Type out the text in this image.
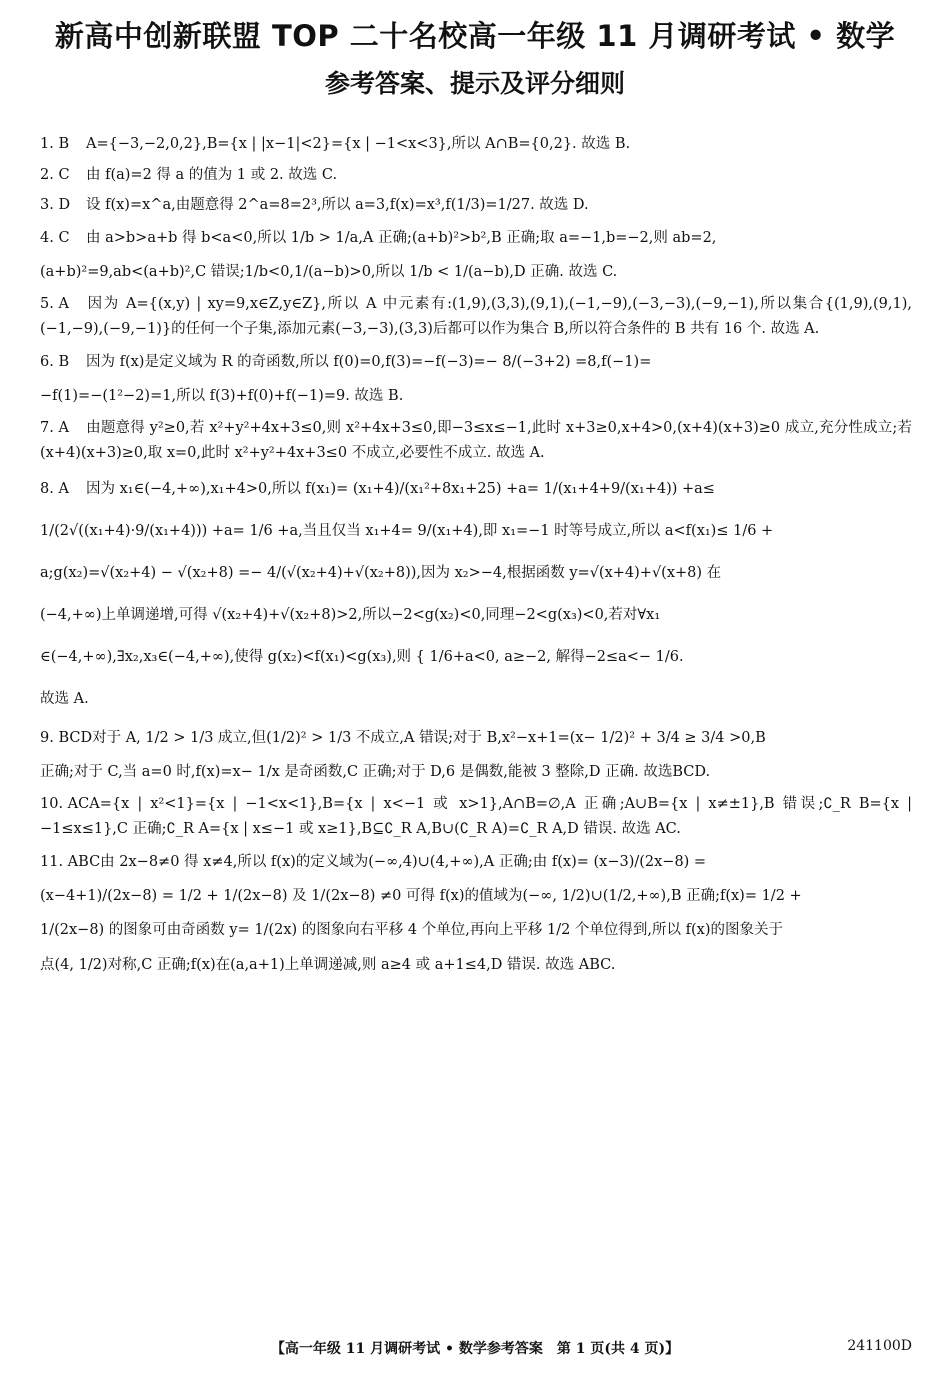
新高中创新联盟 TOP 二十名校高一年级 11 月调研考试 • 数学
参考答案、提示及评分细则

1. B A={−3,−2,0,2},B={x | |x−1|<2}={x | −1<x<3},所以 A∩B={0,2}. 故选 B.

2. C 由 f(a)=2 得 a 的值为 1 或 2. 故选 C.

3. D 设 f(x)=x^a,由题意得 2^a=8=2³,所以 a=3,f(x)=x³,f(1/3)=1/27. 故选 D.

4. C 由 a>b>a+b 得 b<a<0,所以 1/b > 1/a,A 正确;(a+b)²>b²,B 正确;取 a=−1,b=−2,则 ab=2,

(a+b)²=9,ab<(a+b)²,C 错误;1/b<0,1/(a−b)>0,所以 1/b < 1/(a−b),D 正确. 故选 C.

5. A 因为 A={(x,y) | xy=9,x∈Z,y∈Z},所以 A 中元素有:(1,9),(3,3),(9,1),(−1,−9),(−3,−3),(−9,−1),所以集合{(1,9),(9,1),(−1,−9),(−9,−1)}的任何一个子集,添加元素(−3,−3),(3,3)后都可以作为集合 B,所以符合条件的 B 共有 16 个. 故选 A.

6. B 因为 f(x)是定义域为 R 的奇函数,所以 f(0)=0,f(3)=−f(−3)=− 8/(−3+2) =8,f(−1)=

−f(1)=−(1²−2)=1,所以 f(3)+f(0)+f(−1)=9. 故选 B.

7. A 由题意得 y²≥0,若 x²+y²+4x+3≤0,则 x²+4x+3≤0,即−3≤x≤−1,此时 x+3≥0,x+4>0,(x+4)(x+3)≥0 成立,充分性成立;若(x+4)(x+3)≥0,取 x=0,此时 x²+y²+4x+3≤0 不成立,必要性不成立. 故选 A.

8. A 因为 x₁∈(−4,+∞),x₁+4>0,所以 f(x₁)= (x₁+4)/(x₁²+8x₁+25) +a= 1/(x₁+4+9/(x₁+4)) +a≤

1/(2√((x₁+4)·9/(x₁+4))) +a= 1/6 +a,当且仅当 x₁+4= 9/(x₁+4),即 x₁=−1 时等号成立,所以 a<f(x₁)≤ 1/6 +

a;g(x₂)=√(x₂+4) − √(x₂+8) =− 4/(√(x₂+4)+√(x₂+8)),因为 x₂>−4,根据函数 y=√(x+4)+√(x+8) 在

(−4,+∞)上单调递增,可得 √(x₂+4)+√(x₂+8)>2,所以−2<g(x₂)<0,同理−2<g(x₃)<0,若对∀x₁

∈(−4,+∞),∃x₂,x₃∈(−4,+∞),使得 g(x₂)<f(x₁)<g(x₃),则 { 1/6+a<0, a≥−2, 解得−2≤a<− 1/6.

故选 A.

9. BCD对于 A, 1/2 > 1/3 成立,但(1/2)² > 1/3 不成立,A 错误;对于 B,x²−x+1=(x− 1/2)² + 3/4 ≥ 3/4 >0,B

正确;对于 C,当 a=0 时,f(x)=x− 1/x 是奇函数,C 正确;对于 D,6 是偶数,能被 3 整除,D 正确. 故选BCD.

10. ACA={x | x²<1}={x | −1<x<1},B={x | x<−1 或 x>1},A∩B=∅,A 正确;A∪B={x | x≠±1},B 错误;∁_R B={x | −1≤x≤1},C 正确;∁_R A={x | x≤−1 或 x≥1},B⊆∁_R A,B∪(∁_R A)=∁_R A,D 错误. 故选 AC.

11. ABC由 2x−8≠0 得 x≠4,所以 f(x)的定义域为(−∞,4)∪(4,+∞),A 正确;由 f(x)= (x−3)/(2x−8) =

(x−4+1)/(2x−8) = 1/2 + 1/(2x−8) 及 1/(2x−8) ≠0 可得 f(x)的值域为(−∞, 1/2)∪(1/2,+∞),B 正确;f(x)= 1/2 +

1/(2x−8) 的图象可由奇函数 y= 1/(2x) 的图象向右平移 4 个单位,再向上平移 1/2 个单位得到,所以 f(x)的图象关于

点(4, 1/2)对称,C 正确;f(x)在(a,a+1)上单调递减,则 a≥4 或 a+1≤4,D 错误. 故选 ABC.

【高一年级 11 月调研考试 • 数学参考答案　第 1 页(共 4 页)】	241100D
